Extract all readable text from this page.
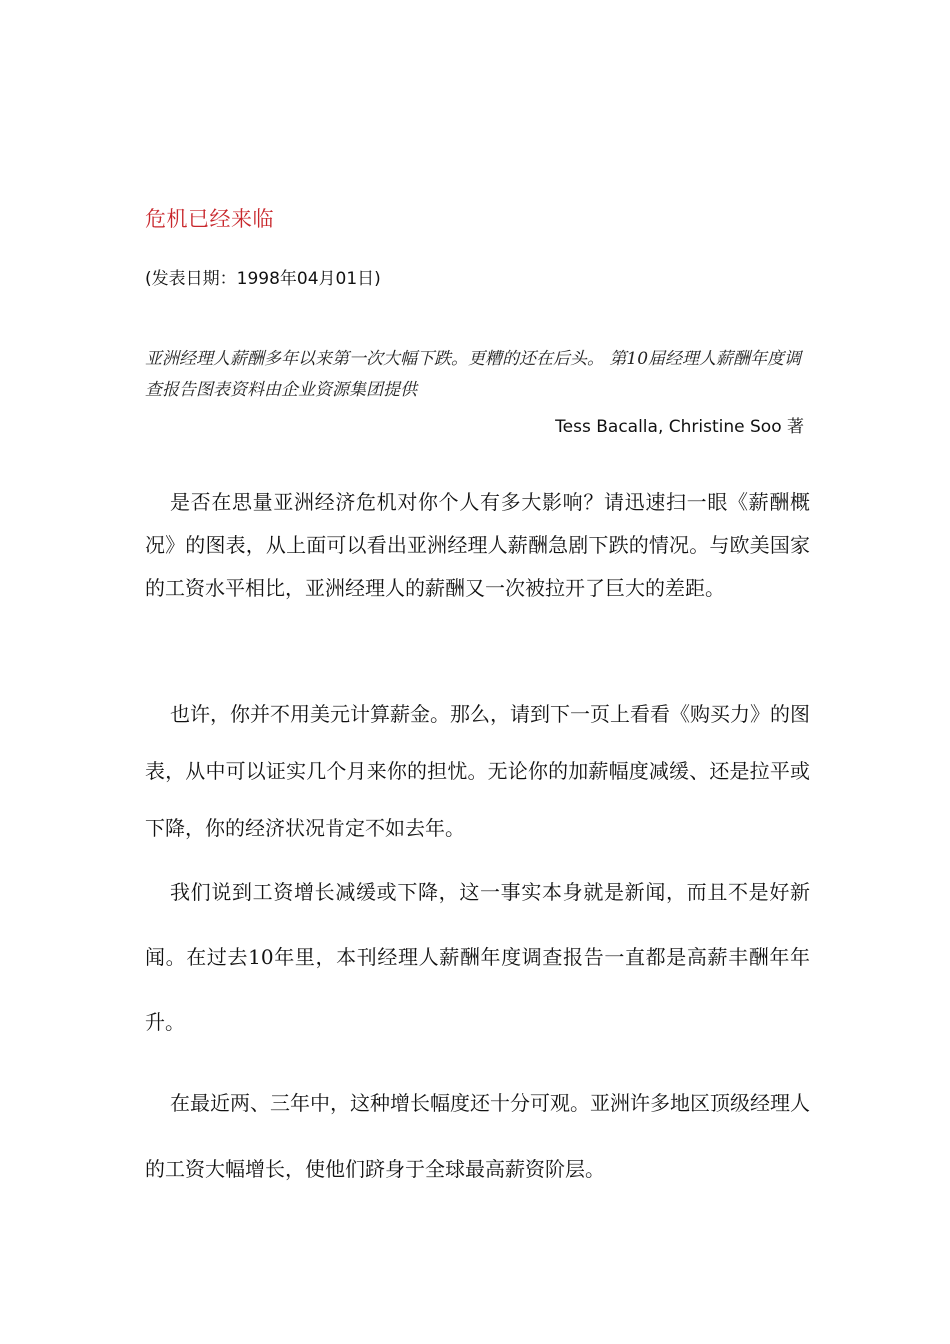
危机已经来临
(发表日期：1998年04月01日)
亚洲经理人薪酬多年以来第一次大幅下跌。更糟的还在后头。 第10届经理人薪酬年度调查报告图表资料由企业资源集团提供
Tess Bacalla, Christine Soo 著
是否在思量亚洲经济危机对你个人有多大影响？请迅速扫一眼《薪酬概况》的图表，从上面可以看出亚洲经理人薪酬急剧下跌的情况。与欧美国家的工资水平相比，亚洲经理人的薪酬又一次被拉开了巨大的差距。
也许，你并不用美元计算薪金。那么，请到下一页上看看《购买力》的图表，从中可以证实几个月来你的担忧。无论你的加薪幅度减缓、还是拉平或下降，你的经济状况肯定不如去年。
我们说到工资增长减缓或下降，这一事实本身就是新闻，而且不是好新闻。在过去10年里，本刊经理人薪酬年度调查报告一直都是高薪丰酬年年升。
在最近两、三年中，这种增长幅度还十分可观。亚洲许多地区顶级经理人的工资大幅增长，使他们跻身于全球最高薪资阶层。
